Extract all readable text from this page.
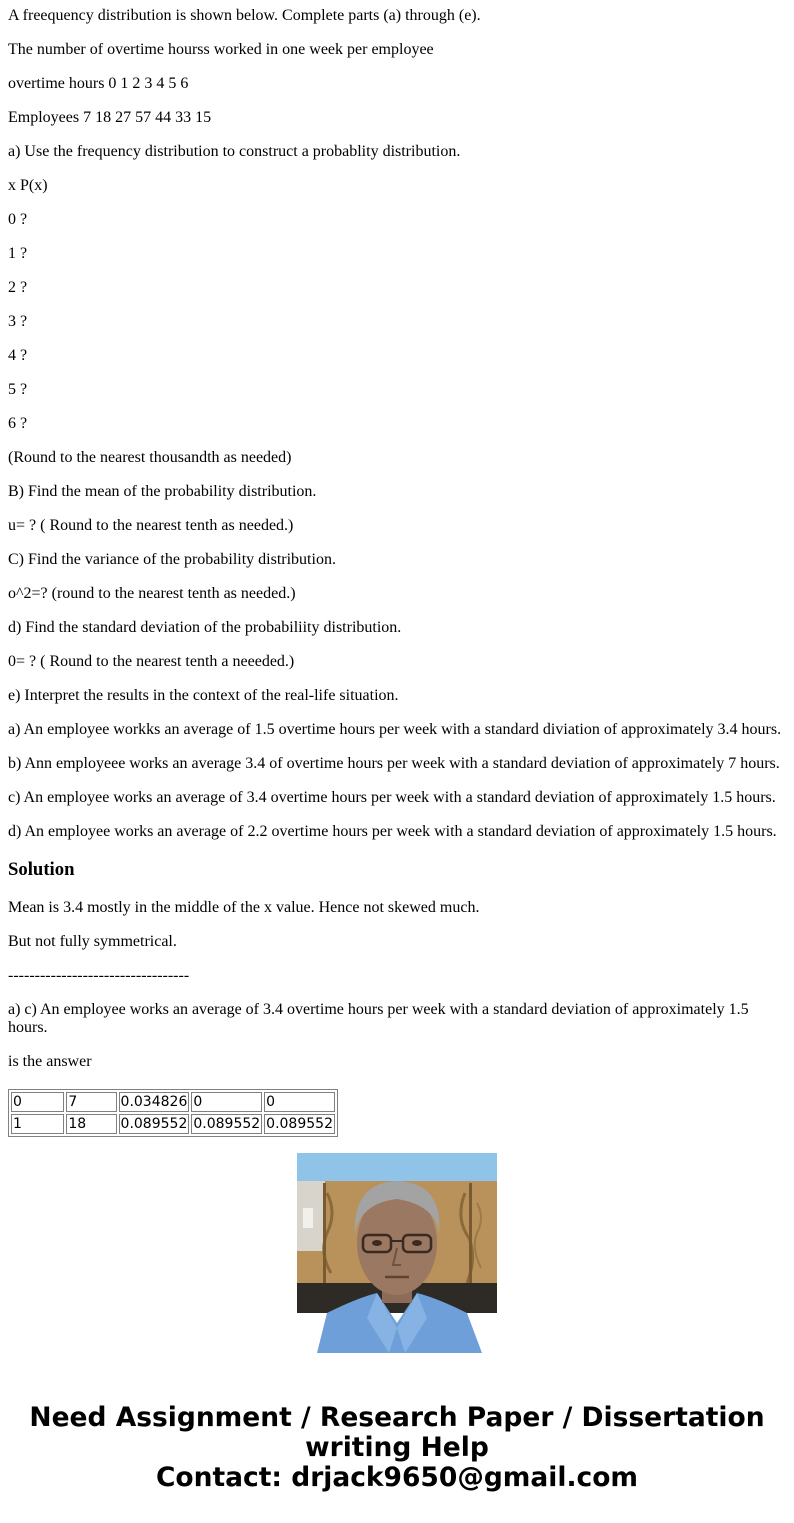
A freequency distribution is shown below. Complete parts (a) through (e).

The number of overtime hourss worked in one week per employee

overtime hours 0 1 2 3 4 5 6

Employees 7 18 27 57 44 33 15

a) Use the frequency distribution to construct a probablity distribution.

x P(x)

0 ?

1 ?

2 ?

3 ?

4 ?

5 ?

6 ?

(Round to the nearest thousandth as needed)

B) Find the mean of the probability distribution.

u= ? ( Round to the nearest tenth as needed.)

C) Find the variance of the probability distribution.

o^2=? (round to the nearest tenth as needed.)

d) Find the standard deviation of the probabiliity distribution.

0= ? ( Round to the nearest tenth a neeeded.)

e) Interpret the results in the context of the real-life situation.

a) An employee workks an average of 1.5 overtime hours per week with a standard diviation of approximately 3.4 hours.

b) Ann employeee works an average 3.4 of overtime hours per week with a standard deviation of approximately 7 hours.

c) An employee works an average of 3.4 overtime hours per week with a standard deviation of approximately 1.5 hours.

d) An employee works an average of 2.2 overtime hours per week with a standard deviation of approximately 1.5 hours.

Solution

Mean is 3.4 mostly in the middle of the x value. Hence not skewed much.

But not fully symmetrical.

----------------------------------

a) c) An employee works an average of 3.4 overtime hours per week with a standard deviation of approximately 1.5 hours.

is the answer

0	7	0.034826	0	0
1	18	0.089552	0.089552	0.089552
Need Assignment / Research Paper / Dissertation
writing Help
Contact: drjack9650@gmail.com
